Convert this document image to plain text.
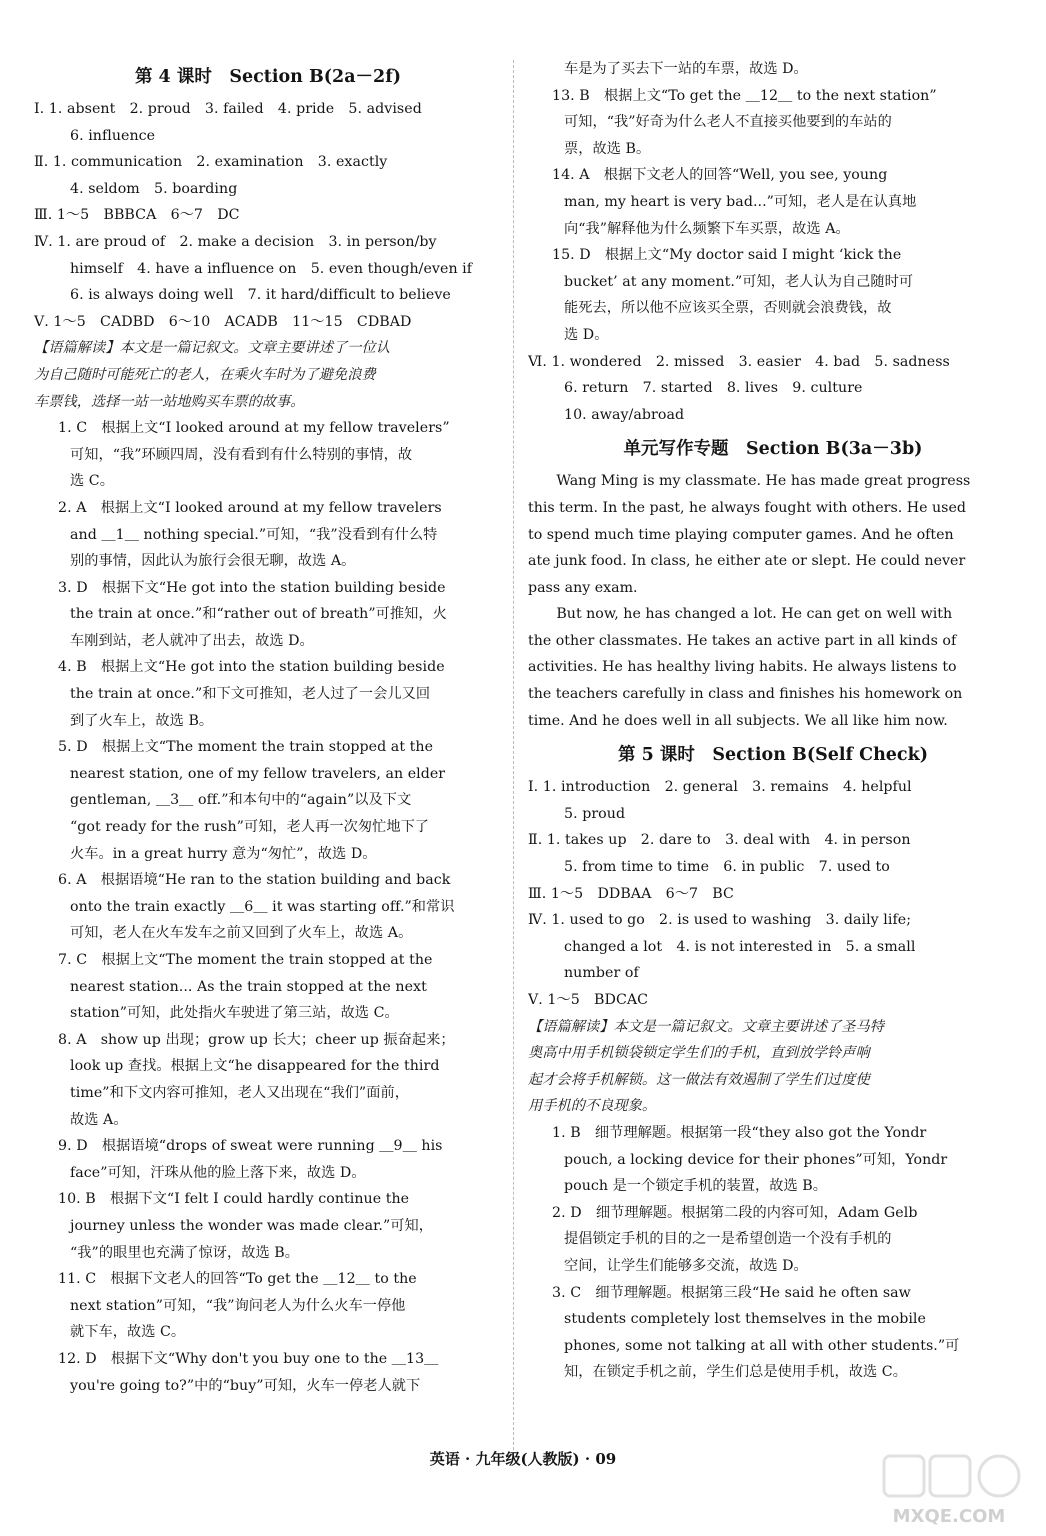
第 4 课时　Section B(2a－2f)
Ⅰ. 1. absent　2. proud　3. failed　4. pride　5. advised
6. influence
Ⅱ. 1. communication　2. examination　3. exactly
4. seldom　5. boarding
Ⅲ. 1～5　BBBCA　6～7　DC
Ⅳ. 1. are proud of　2. make a decision　3. in person/by
himself　4. have a influence on　5. even though/even if
6. is always doing well　7. it hard/difficult to believe
Ⅴ. 1～5　CADBD　6～10　ACADB　11～15　CDBAD
【语篇解读】本文是一篇记叙文。文章主要讲述了一位认
为自己随时可能死亡的老人，在乘火车时为了避免浪费
车票钱，选择一站一站地购买车票的故事。
1. C　根据上文“I looked around at my fellow travelers”
可知，“我”环顾四周，没有看到有什么特别的事情，故
选 C。
2. A　根据上文“I looked around at my fellow travelers
and ＿1＿ nothing special.”可知，“我”没看到有什么特
别的事情，因此认为旅行会很无聊，故选 A。
3. D　根据下文“He got into the station building beside
the train at once.”和“rather out of breath”可推知，火
车刚到站，老人就冲了出去，故选 D。
4. B　根据上文“He got into the station building beside
the train at once.”和下文可推知，老人过了一会儿又回
到了火车上，故选 B。
5. D　根据上文“The moment the train stopped at the
nearest station, one of my fellow travelers, an elder
gentleman, ＿3＿ off.”和本句中的“again”以及下文
“got ready for the rush”可知，老人再一次匆忙地下了
火车。in a great hurry 意为“匆忙”，故选 D。
6. A　根据语境“He ran to the station building and back
onto the train exactly ＿6＿ it was starting off.”和常识
可知，老人在火车发车之前又回到了火车上，故选 A。
7. C　根据上文“The moment the train stopped at the
nearest station... As the train stopped at the next
station”可知，此处指火车驶进了第三站，故选 C。
8. A　show up 出现；grow up 长大；cheer up 振奋起来；
look up 查找。根据上文“he disappeared for the third
time”和下文内容可推知，老人又出现在“我们”面前，
故选 A。
9. D　根据语境“drops of sweat were running ＿9＿ his
face”可知，汗珠从他的脸上落下来，故选 D。
10. B　根据下文“I felt I could hardly continue the
journey unless the wonder was made clear.”可知，
“我”的眼里也充满了惊讶，故选 B。
11. C　根据下文老人的回答“To get the ＿12＿ to the
next station”可知，“我”询问老人为什么火车一停他
就下车，故选 C。
12. D　根据下文“Why don't you buy one to the ＿13＿
you're going to?”中的“buy”可知，火车一停老人就下
车是为了买去下一站的车票，故选 D。
13. B　根据上文“To get the ＿12＿ to the next station”
可知，“我”好奇为什么老人不直接买他要到的车站的
票，故选 B。
14. A　根据下文老人的回答“Well, you see, young
man, my heart is very bad...”可知，老人是在认真地
向“我”解释他为什么频繁下车买票，故选 A。
15. D　根据上文“My doctor said I might ‘kick the
bucket’ at any moment.”可知，老人认为自己随时可
能死去，所以他不应该买全票，否则就会浪费钱，故
选 D。
Ⅵ. 1. wondered　2. missed　3. easier　4. bad　5. sadness
6. return　7. started　8. lives　9. culture
10. away/abroad
单元写作专题　Section B(3a－3b)
　　Wang Ming is my classmate. He has made great progress
this term. In the past, he always fought with others. He used
to spend much time playing computer games. And he often
ate junk food. In class, he either ate or slept. He could never
pass any exam.
　　But now, he has changed a lot. He can get on well with
the other classmates. He takes an active part in all kinds of
activities. He has healthy living habits. He always listens to
the teachers carefully in class and finishes his homework on
time. And he does well in all subjects. We all like him now.
第 5 课时　Section B(Self Check)
Ⅰ. 1. introduction　2. general　3. remains　4. helpful
5. proud
Ⅱ. 1. takes up　2. dare to　3. deal with　4. in person
5. from time to time　6. in public　7. used to
Ⅲ. 1～5　DDBAA　6～7　BC
Ⅳ. 1. used to go　2. is used to washing　3. daily life;
changed a lot　4. is not interested in　5. a small
number of
Ⅴ. 1～5　BDCAC
【语篇解读】本文是一篇记叙文。文章主要讲述了圣马特
奥高中用手机锁袋锁定学生们的手机，直到放学铃声响
起才会将手机解锁。这一做法有效遏制了学生们过度使
用手机的不良现象。
1. B　细节理解题。根据第一段“they also got the Yondr
pouch, a locking device for their phones”可知，Yondr
pouch 是一个锁定手机的装置，故选 B。
2. D　细节理解题。根据第二段的内容可知，Adam Gelb
提倡锁定手机的目的之一是希望创造一个没有手机的
空间，让学生们能够多交流，故选 D。
3. C　细节理解题。根据第三段“He said he often saw
students completely lost themselves in the mobile
phones, some not talking at all with other students.”可
知，在锁定手机之前，学生们总是使用手机，故选 C。
英语 · 九年级(人教版) · 09
MXQE.COM
